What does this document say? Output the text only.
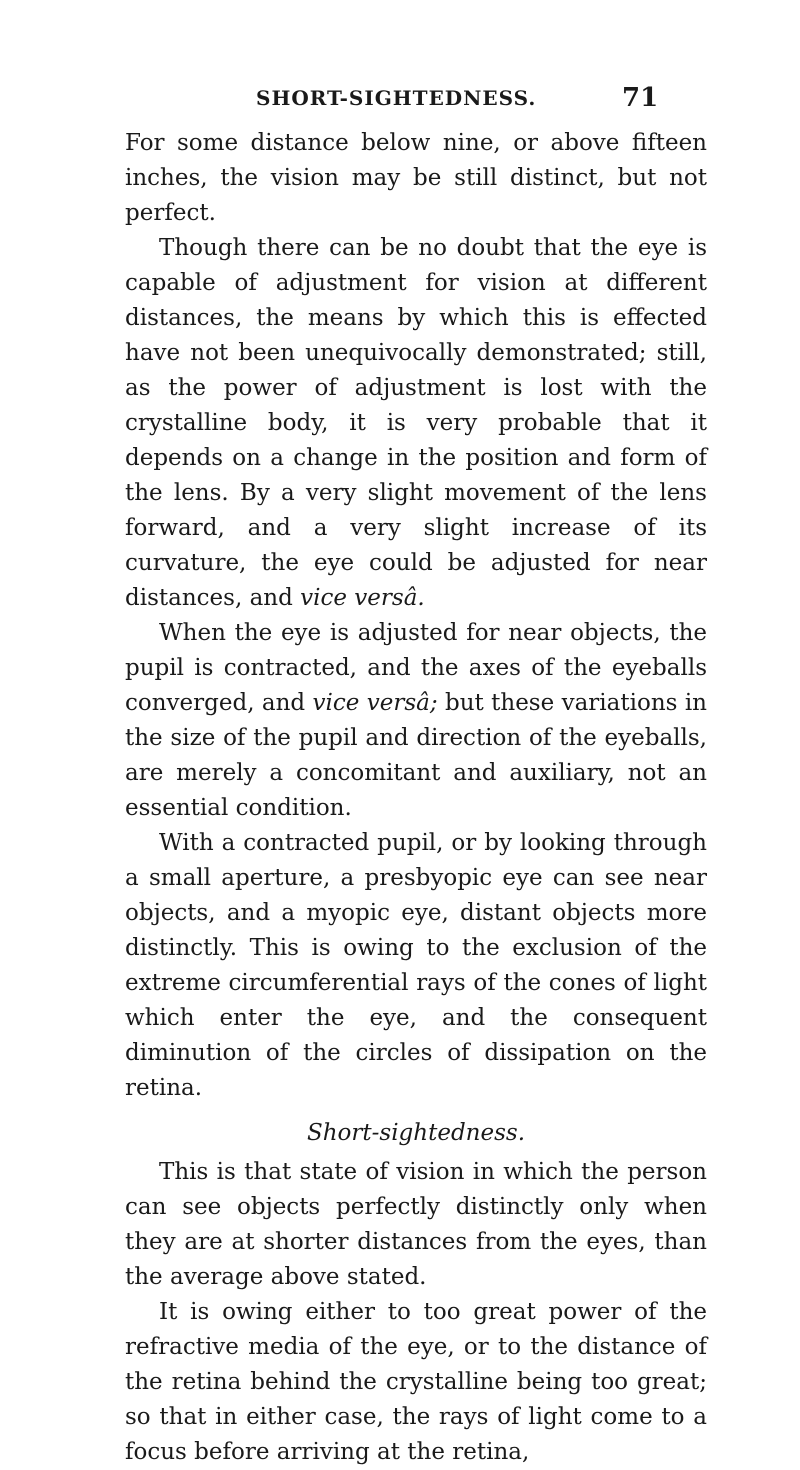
SHORT-SIGHTEDNESS.	71

For some distance below nine, or above fifteen inches, the vision may be still distinct, but not perfect.

Though there can be no doubt that the eye is capable of adjustment for vision at different distances, the means by which this is effected have not been unequivocally demonstrated; still, as the power of adjustment is lost with the crystalline body, it is very probable that it depends on a change in the position and form of the lens. By a very slight movement of the lens forward, and a very slight increase of its curvature, the eye could be adjusted for near distances, and vice versâ.

When the eye is adjusted for near objects, the pupil is contracted, and the axes of the eyeballs converged, and vice versâ; but these variations in the size of the pupil and direction of the eyeballs, are merely a concomitant and auxiliary, not an essential condition.

With a contracted pupil, or by looking through a small aperture, a presbyopic eye can see near objects, and a myopic eye, distant objects more distinctly. This is owing to the exclusion of the extreme circumferential rays of the cones of light which enter the eye, and the consequent diminution of the circles of dissipation on the retina.

Short-sightedness.

This is that state of vision in which the person can see objects perfectly distinctly only when they are at shorter distances from the eyes, than the average above stated.

It is owing either to too great power of the refractive media of the eye, or to the distance of the retina behind the crystalline being too great; so that in either case, the rays of light come to a focus before arriving at the retina,
